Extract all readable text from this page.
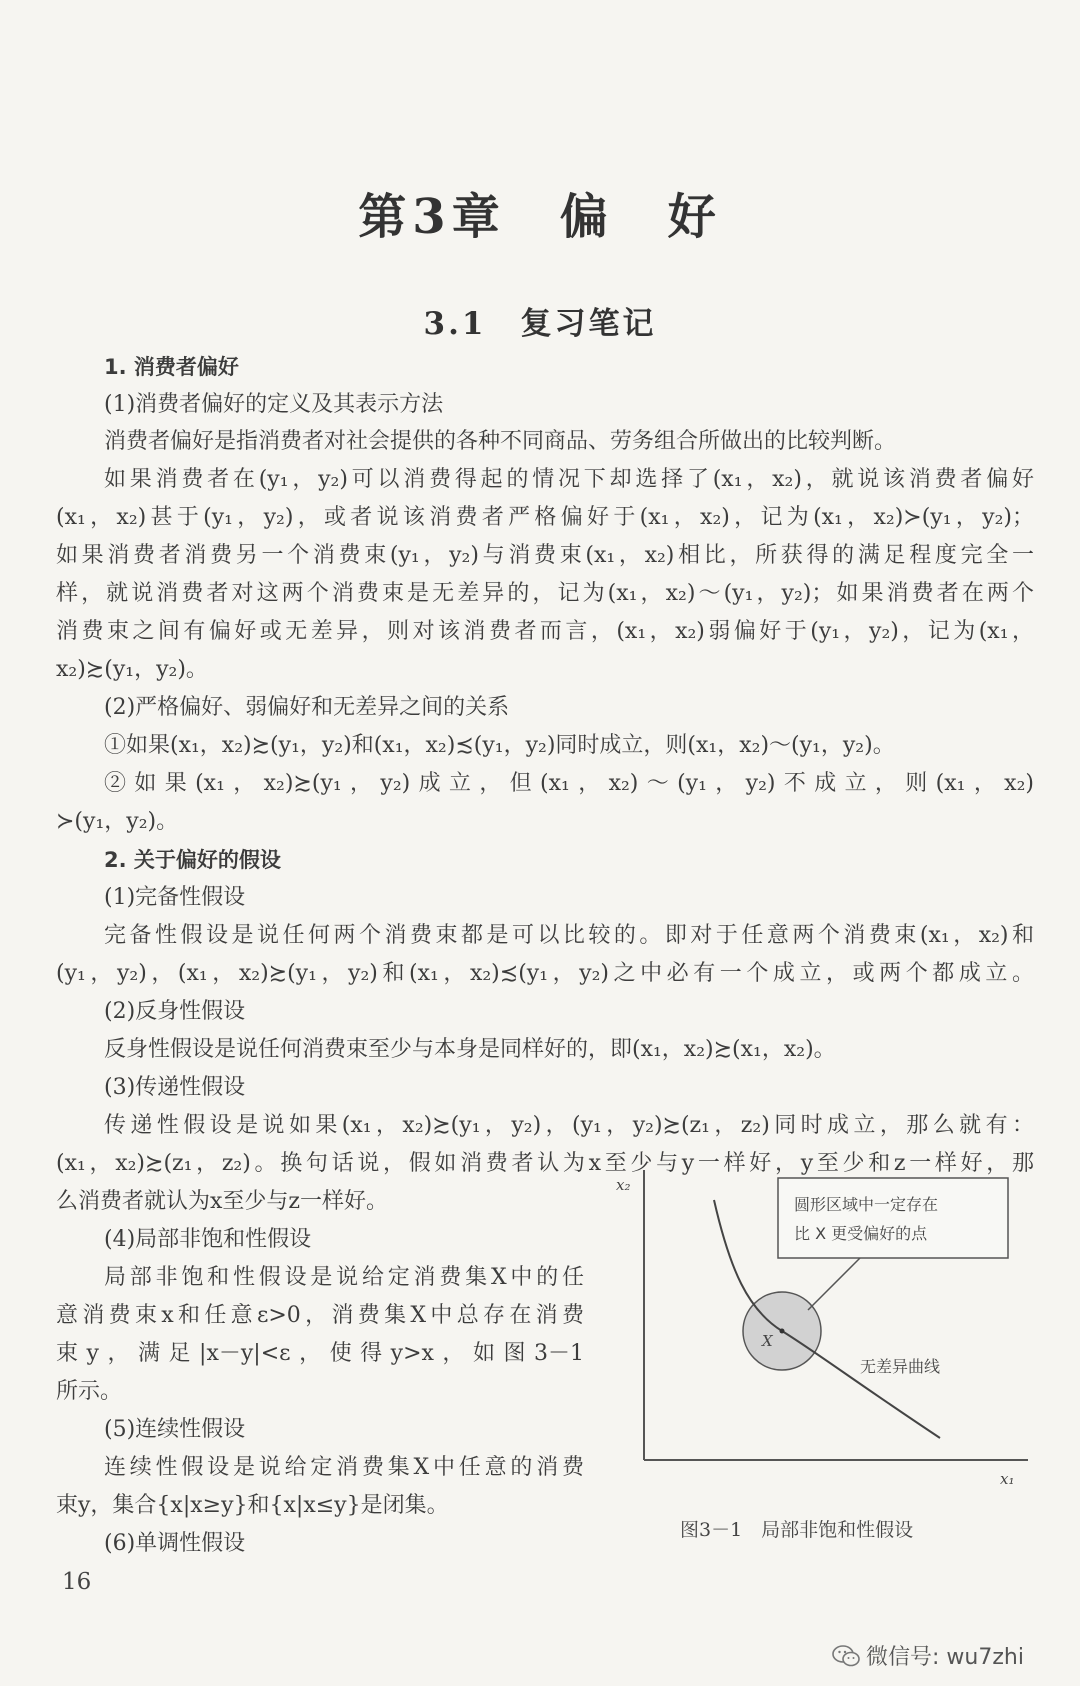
第3章　偏　好
3.1　复习笔记
1. 消费者偏好
(1)消费者偏好的定义及其表示方法
消费者偏好是指消费者对社会提供的各种不同商品、劳务组合所做出的比较判断。
如果消费者在(y₁，y₂)可以消费得起的情况下却选择了(x₁，x₂)，就说该消费者偏好
(x₁，x₂)甚于(y₁，y₂)，或者说该消费者严格偏好于(x₁，x₂)，记为(x₁，x₂)≻(y₁，y₂)；
如果消费者消费另一个消费束(y₁，y₂)与消费束(x₁，x₂)相比，所获得的满足程度完全一
样，就说消费者对这两个消费束是无差异的，记为(x₁，x₂)～(y₁，y₂)；如果消费者在两个
消费束之间有偏好或无差异，则对该消费者而言，(x₁，x₂)弱偏好于(y₁，y₂)，记为(x₁，
x₂)≿(y₁，y₂)。
(2)严格偏好、弱偏好和无差异之间的关系
①如果(x₁，x₂)≿(y₁，y₂)和(x₁，x₂)≾(y₁，y₂)同时成立，则(x₁，x₂)～(y₁，y₂)。
②如果(x₁，x₂)≿(y₁，y₂)成立，但(x₁，x₂)～(y₁，y₂)不成立，则(x₁，x₂)
≻(y₁，y₂)。
2. 关于偏好的假设
(1)完备性假设
完备性假设是说任何两个消费束都是可以比较的。即对于任意两个消费束(x₁，x₂)和
(y₁，y₂)，(x₁，x₂)≿(y₁，y₂)和(x₁，x₂)≾(y₁，y₂)之中必有一个成立，或两个都成立。
(2)反身性假设
反身性假设是说任何消费束至少与本身是同样好的，即(x₁，x₂)≿(x₁，x₂)。
(3)传递性假设
传递性假设是说如果(x₁，x₂)≿(y₁，y₂)，(y₁，y₂)≿(z₁，z₂)同时成立，那么就有：
(x₁，x₂)≿(z₁，z₂)。换句话说，假如消费者认为x至少与y一样好，y至少和z一样好，那
么消费者就认为x至少与z一样好。
(4)局部非饱和性假设
局部非饱和性假设是说给定消费集X中的任
意消费束x和任意ε>0，消费集X中总存在消费
束y，满足|x－y|<ε，使得y>x，如图3－1
所示。
(5)连续性假设
连续性假设是说给定消费集X中任意的消费
束y，集合{x|x≥y}和{x|x≤y}是闭集。
(6)单调性假设
x₂
x₁
X
圆形区域中一定存在
比 X 更受偏好的点
无差异曲线
图3－1　局部非饱和性假设
16
微信号: wu7zhi
